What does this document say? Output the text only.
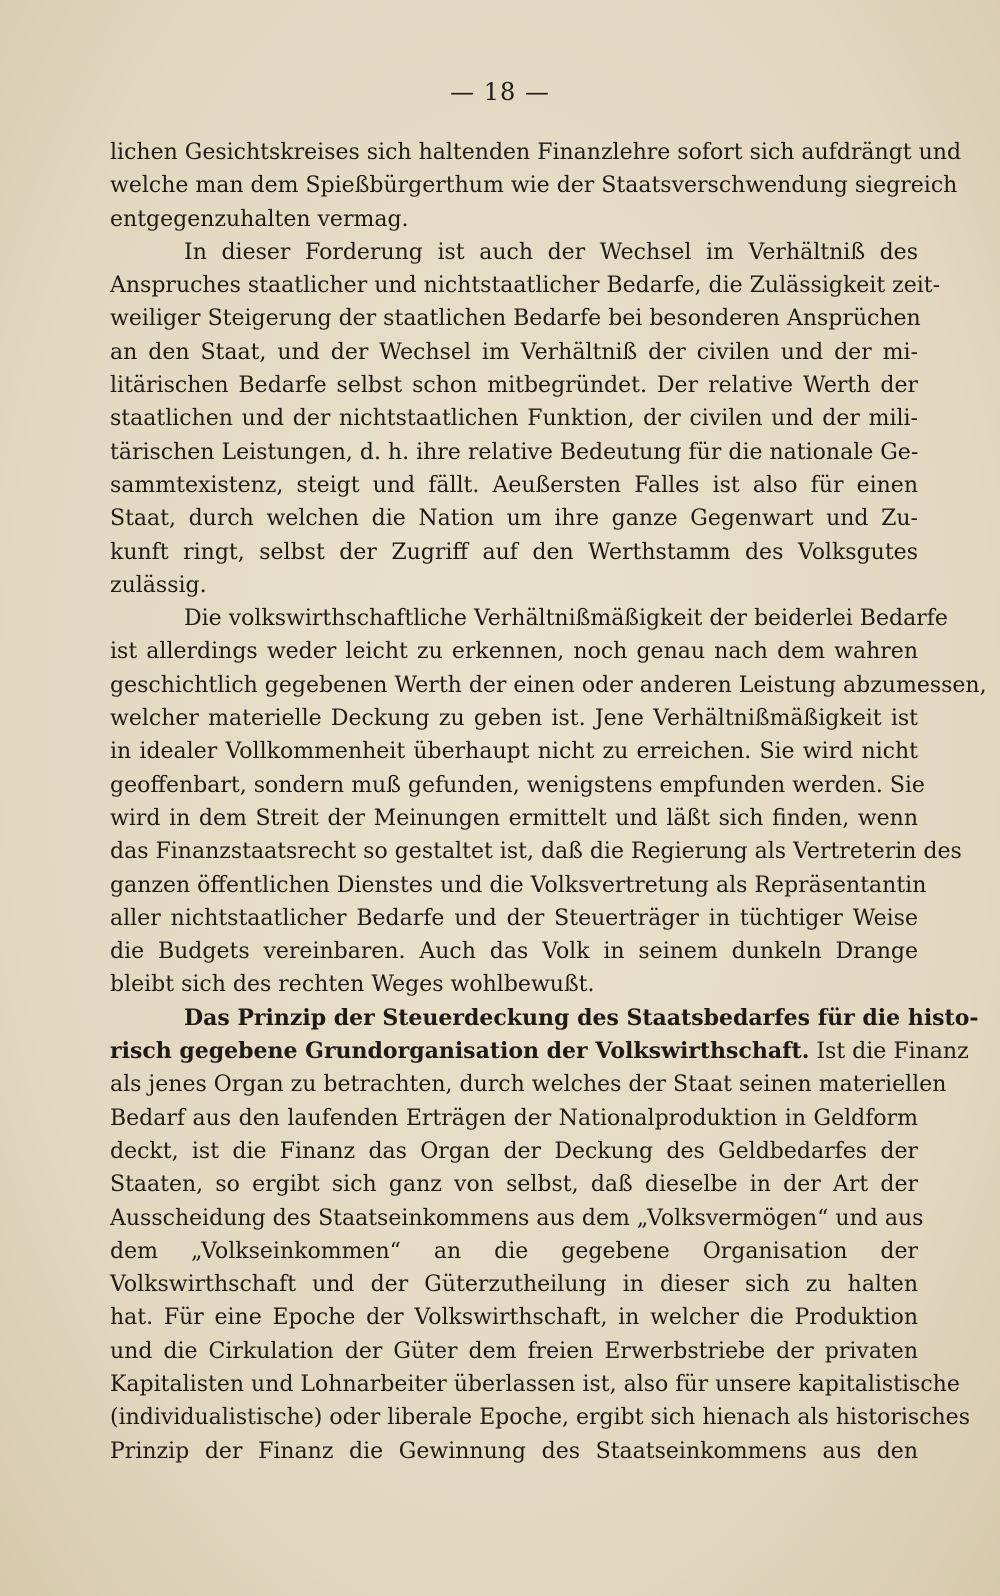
— 18 —
lichen Gesichtskreises sich haltenden Finanzlehre sofort sich aufdrängt und
welche man dem Spießbürgerthum wie der Staatsverschwendung siegreich
entgegenzuhalten vermag.
In dieser Forderung ist auch der Wechsel im Verhältniß des
Anspruches staatlicher und nichtstaatlicher Bedarfe, die Zulässigkeit zeit-
weiliger Steigerung der staatlichen Bedarfe bei besonderen Ansprüchen
an den Staat, und der Wechsel im Verhältniß der civilen und der mi-
litärischen Bedarfe selbst schon mitbegründet. Der relative Werth der
staatlichen und der nichtstaatlichen Funktion, der civilen und der mili-
tärischen Leistungen, d. h. ihre relative Bedeutung für die nationale Ge-
sammtexistenz, steigt und fällt. Aeußersten Falles ist also für einen
Staat, durch welchen die Nation um ihre ganze Gegenwart und Zu-
kunft ringt, selbst der Zugriff auf den Werthstamm des Volksgutes
zulässig.
Die volkswirthschaftliche Verhältnißmäßigkeit der beiderlei Bedarfe
ist allerdings weder leicht zu erkennen, noch genau nach dem wahren
geschichtlich gegebenen Werth der einen oder anderen Leistung abzumessen,
welcher materielle Deckung zu geben ist. Jene Verhältnißmäßigkeit ist
in idealer Vollkommenheit überhaupt nicht zu erreichen. Sie wird nicht
geoffenbart, sondern muß gefunden, wenigstens empfunden werden. Sie
wird in dem Streit der Meinungen ermittelt und läßt sich finden, wenn
das Finanzstaatsrecht so gestaltet ist, daß die Regierung als Vertreterin des
ganzen öffentlichen Dienstes und die Volksvertretung als Repräsentantin
aller nichtstaatlicher Bedarfe und der Steuerträger in tüchtiger Weise
die Budgets vereinbaren. Auch das Volk in seinem dunkeln Drange
bleibt sich des rechten Weges wohlbewußt.
Das Prinzip der Steuerdeckung des Staatsbedarfes für die histo-
risch gegebene Grundorganisation der Volkswirthschaft. Ist die Finanz
als jenes Organ zu betrachten, durch welches der Staat seinen materiellen
Bedarf aus den laufenden Erträgen der Nationalproduktion in Geldform
deckt, ist die Finanz das Organ der Deckung des Geldbedarfes der
Staaten, so ergibt sich ganz von selbst, daß dieselbe in der Art der
Ausscheidung des Staatseinkommens aus dem „Volksvermögen“ und aus
dem „Volkseinkommen“ an die gegebene Organisation der
Volkswirthschaft und der Güterzutheilung in dieser sich zu halten
hat. Für eine Epoche der Volkswirthschaft, in welcher die Produktion
und die Cirkulation der Güter dem freien Erwerbstriebe der privaten
Kapitalisten und Lohnarbeiter überlassen ist, also für unsere kapitalistische
(individualistische) oder liberale Epoche, ergibt sich hienach als historisches
Prinzip der Finanz die Gewinnung des Staatseinkommens aus den
